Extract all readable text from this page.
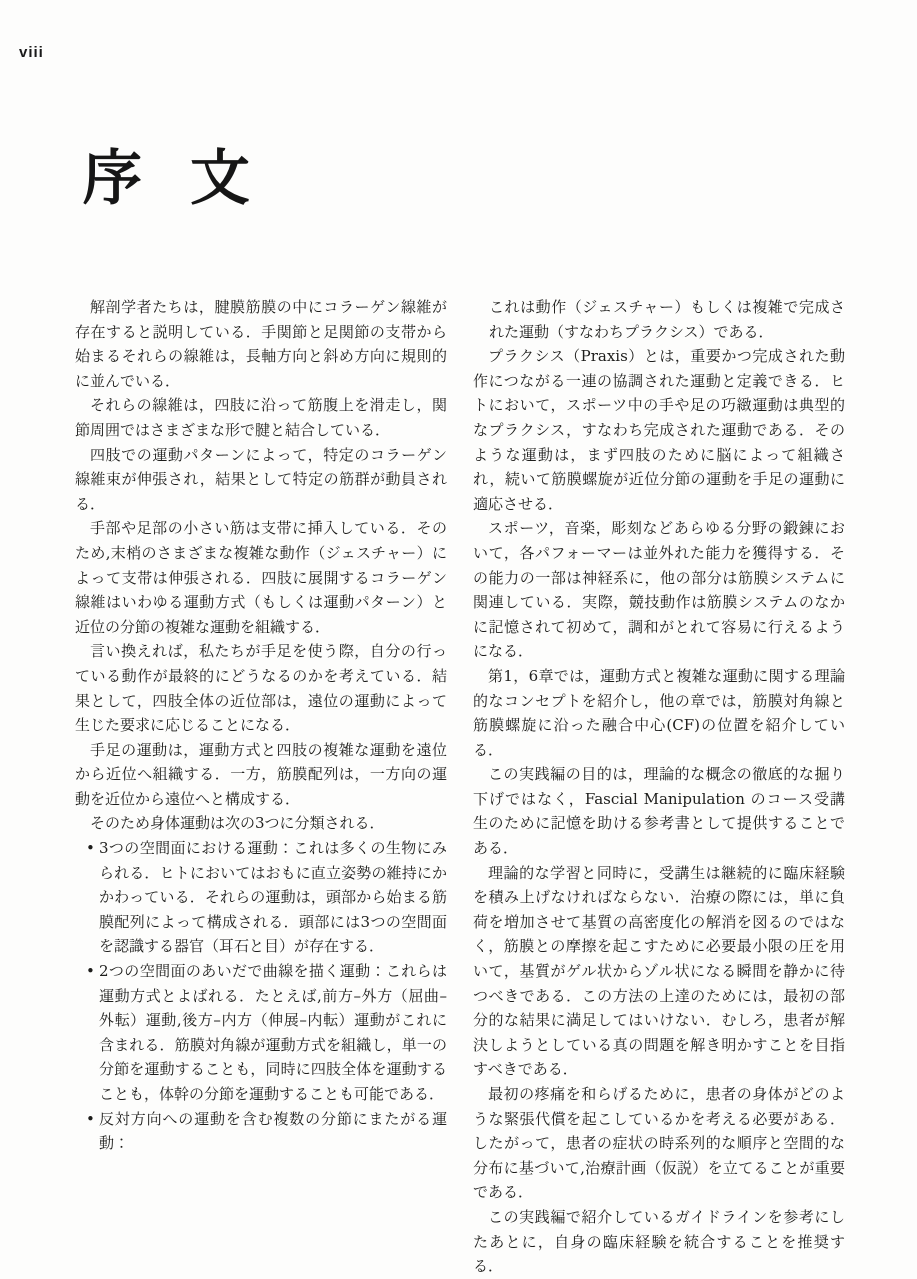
viii
序　文

解剖学者たちは，腱膜筋膜の中にコラーゲン線維が存在すると説明している．手関節と足関節の支帯から始まるそれらの線維は，長軸方向と斜め方向に規則的に並んでいる．

それらの線維は，四肢に沿って筋腹上を滑走し，関節周囲ではさまざまな形で腱と結合している．

四肢での運動パターンによって，特定のコラーゲン線維束が伸張され，結果として特定の筋群が動員される．

手部や足部の小さい筋は支帯に挿入している．そのため,末梢のさまざまな複雑な動作（ジェスチャー）によって支帯は伸張される．四肢に展開するコラーゲン線維はいわゆる運動方式（もしくは運動パターン）と近位の分節の複雑な運動を組織する．

言い換えれば，私たちが手足を使う際，自分の行っている動作が最終的にどうなるのかを考えている．結果として，四肢全体の近位部は，遠位の運動によって生じた要求に応じることになる．

手足の運動は，運動方式と四肢の複雑な運動を遠位から近位へ組織する．一方，筋膜配列は，一方向の運動を近位から遠位へと構成する．

そのため身体運動は次の3つに分類される．

• 3つの空間面における運動：これは多くの生物にみられる．ヒトにおいてはおもに直立姿勢の維持にかかわっている．それらの運動は，頭部から始まる筋膜配列によって構成される．頭部には3つの空間面を認識する器官（耳石と目）が存在する．

• 2つの空間面のあいだで曲線を描く運動：これらは運動方式とよばれる．たとえば,前方–外方（屈曲–外転）運動,後方–内方（伸展–内転）運動がこれに含まれる．筋膜対角線が運動方式を組織し，単一の分節を運動することも，同時に四肢全体を運動することも，体幹の分節を運動することも可能である．

• 反対方向への運動を含む複数の分節にまたがる運動：

これは動作（ジェスチャー）もしくは複雑で完成された運動（すなわちプラクシス）である．

プラクシス（Praxis）とは，重要かつ完成された動作につながる一連の協調された運動と定義できる．ヒトにおいて，スポーツ中の手や足の巧緻運動は典型的なプラクシス，すなわち完成された運動である．そのような運動は，まず四肢のために脳によって組織され，続いて筋膜螺旋が近位分節の運動を手足の運動に適応させる．

スポーツ，音楽，彫刻などあらゆる分野の鍛錬において，各パフォーマーは並外れた能力を獲得する．その能力の一部は神経系に，他の部分は筋膜システムに関連している．実際，競技動作は筋膜システムのなかに記憶されて初めて，調和がとれて容易に行えるようになる．

第1，6章では，運動方式と複雑な運動に関する理論的なコンセプトを紹介し，他の章では，筋膜対角線と筋膜螺旋に沿った融合中心(CF)の位置を紹介している．

この実践編の目的は，理論的な概念の徹底的な掘り下げではなく，Fascial Manipulation のコース受講生のために記憶を助ける参考書として提供することである．

理論的な学習と同時に，受講生は継続的に臨床経験を積み上げなければならない．治療の際には，単に負荷を増加させて基質の高密度化の解消を図るのではなく，筋膜との摩擦を起こすために必要最小限の圧を用いて，基質がゲル状からゾル状になる瞬間を静かに待つべきである．この方法の上達のためには，最初の部分的な結果に満足してはいけない．むしろ，患者が解決しようとしている真の問題を解き明かすことを目指すべきである．

最初の疼痛を和らげるために，患者の身体がどのような緊張代償を起こしているかを考える必要がある．したがって，患者の症状の時系列的な順序と空間的な分布に基づいて,治療計画（仮説）を立てることが重要である．

この実践編で紹介しているガイドラインを参考にしたあとに，自身の臨床経験を統合することを推奨する．
